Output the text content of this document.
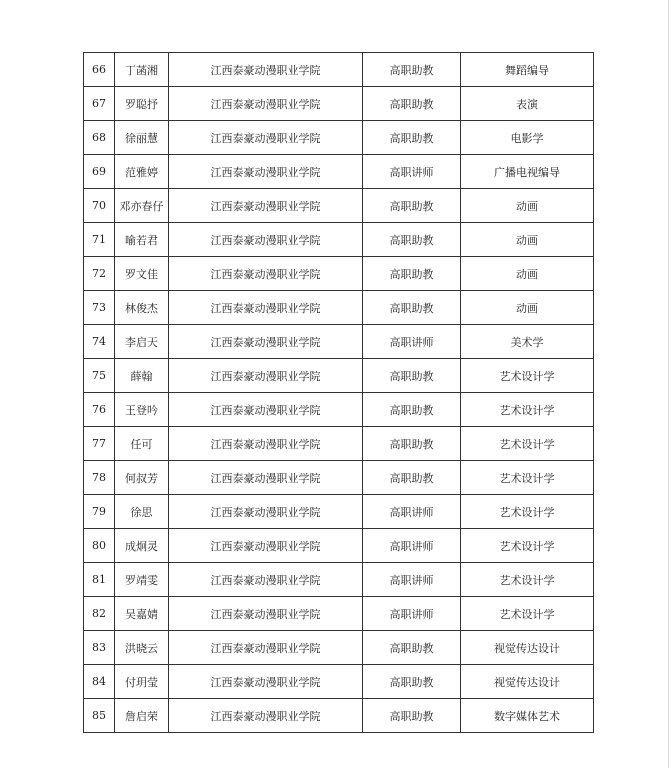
66	丁菡湘	江西泰豪动漫职业学院	高职助教	舞蹈编导
67	罗聪抒	江西泰豪动漫职业学院	高职助教	表演
68	徐丽慧	江西泰豪动漫职业学院	高职助教	电影学
69	范雅婷	江西泰豪动漫职业学院	高职讲师	广播电视编导
70	邓亦春仔	江西泰豪动漫职业学院	高职助教	动画
71	喻若君	江西泰豪动漫职业学院	高职助教	动画
72	罗文佳	江西泰豪动漫职业学院	高职助教	动画
73	林俊杰	江西泰豪动漫职业学院	高职助教	动画
74	李启天	江西泰豪动漫职业学院	高职讲师	美术学
75	薛翰	江西泰豪动漫职业学院	高职助教	艺术设计学
76	王登吟	江西泰豪动漫职业学院	高职助教	艺术设计学
77	任可	江西泰豪动漫职业学院	高职助教	艺术设计学
78	何叔芳	江西泰豪动漫职业学院	高职助教	艺术设计学
79	徐思	江西泰豪动漫职业学院	高职讲师	艺术设计学
80	成炯灵	江西泰豪动漫职业学院	高职讲师	艺术设计学
81	罗靖雯	江西泰豪动漫职业学院	高职讲师	艺术设计学
82	吴嘉婧	江西泰豪动漫职业学院	高职讲师	艺术设计学
83	洪晓云	江西泰豪动漫职业学院	高职助教	视觉传达设计
84	付玥莹	江西泰豪动漫职业学院	高职助教	视觉传达设计
85	詹启荣	江西泰豪动漫职业学院	高职助教	数字媒体艺术
